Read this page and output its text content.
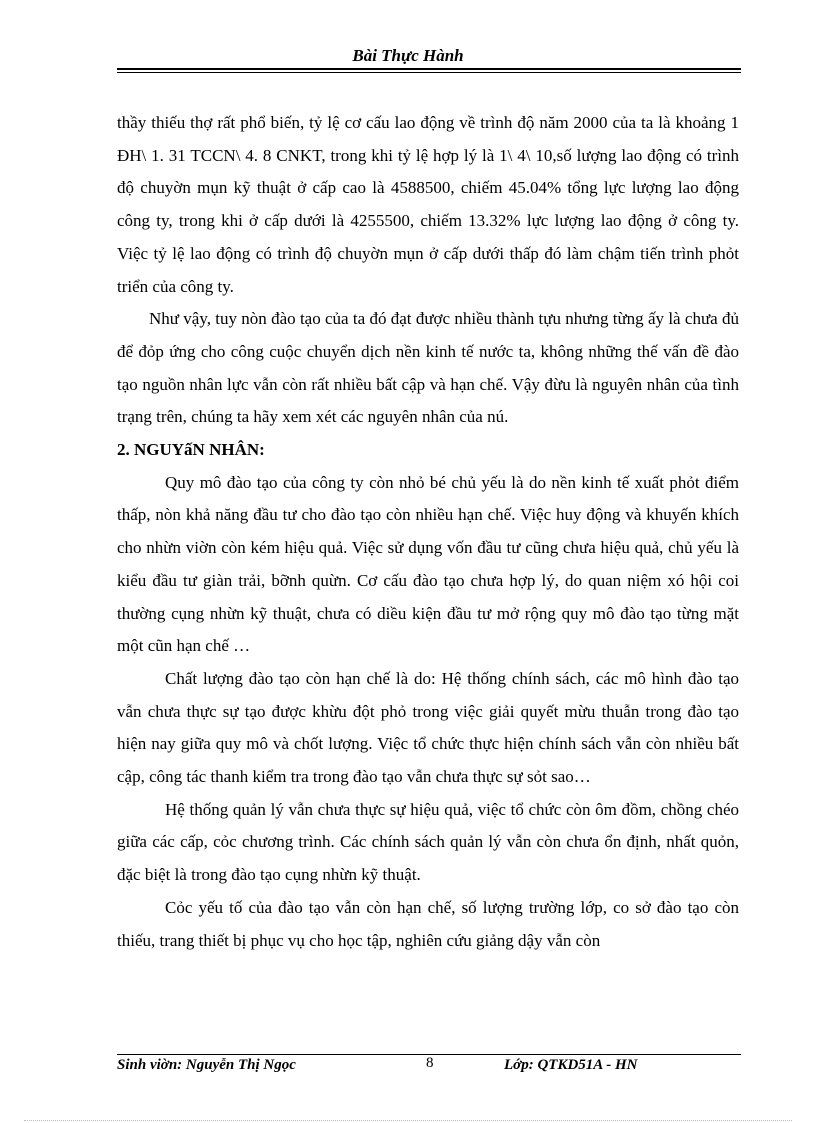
Bài Thực Hành

thầy thiếu thợ rất phổ biến, tỷ lệ cơ cấu lao động về trình độ năm 2000 của ta là khoảng 1 ĐH\ 1. 31 TCCN\ 4. 8 CNKT, trong khi tỷ lệ hợp lý là 1\ 4\ 10,số lượng lao động có trình độ chuyờn mụn kỹ thuật ở cấp cao là 4588500, chiếm 45.04% tổng lực lượng lao động công ty, trong khi ở cấp dưới là 4255500, chiếm 13.32% lực lượng lao động ở công ty. Việc tỷ lệ lao động có trình độ chuyờn mụn ở cấp dưới thấp đó làm chậm tiến trình phỏt triển của công ty.

Như vậy, tuy nòn đào tạo của ta đó đạt được nhiều thành tựu nhưng từng ấy là chưa đủ để đỏp ứng cho công cuộc chuyển dịch nền kinh tế nước ta, không những thế vấn đề đào tạo nguồn nhân lực vẫn còn rất nhiều bất cập và hạn chế. Vậy đừu là nguyên nhân của tình trạng trên, chúng ta hãy xem xét các nguyên nhân của nú.

2. NGUYấN NHÂN:

Quy mô đào tạo của công ty còn nhỏ bé chủ yếu là do nền kinh tế xuất phỏt điểm thấp, nòn khả năng đầu tư cho đào tạo còn nhiều hạn chế. Việc huy động và khuyến khích cho nhừn viờn còn kém hiệu quả. Việc sử dụng vốn đầu tư cũng chưa hiệu quả, chủ yếu là kiểu đầu tư giàn trải, bỡnh quừn. Cơ cấu đào tạo chưa hợp lý, do quan niệm xó hội coi thường cụng nhừn kỹ thuật, chưa có diều kiện đầu tư mở rộng quy mô đào tạo từng mặt một cũn hạn chế …

Chất lượng đào tạo còn hạn chế là do: Hệ thống chính sách, các mô hình đào tạo vẫn chưa thực sự tạo được khừu đột phỏ trong việc giải quyết mừu thuẫn trong đào tạo hiện nay giữa quy mô và chốt lượng. Việc tổ chức thực hiện chính sách vẫn còn nhiều bất cập, công tác thanh kiểm tra trong đào tạo vẫn chưa thực sự sỏt sao…

Hệ thống quản lý vẫn chưa thực sự hiệu quả, việc tổ chức còn ôm đồm, chồng chéo giữa các cấp, cỏc chương trình. Các chính sách quản lý vẫn còn chưa ổn định, nhất quỏn, đặc biệt là trong đào tạo cụng nhừn kỹ thuật.

Cỏc yếu tố của đào tạo vẫn còn hạn chế, số lượng trường lớp, co sở đào tạo còn thiếu, trang thiết bị phục vụ cho học tập, nghiên cứu giảng dậy vẫn còn

Sinh viờn: Nguyễn Thị Ngọc	8	Lớp: QTKD51A - HN
